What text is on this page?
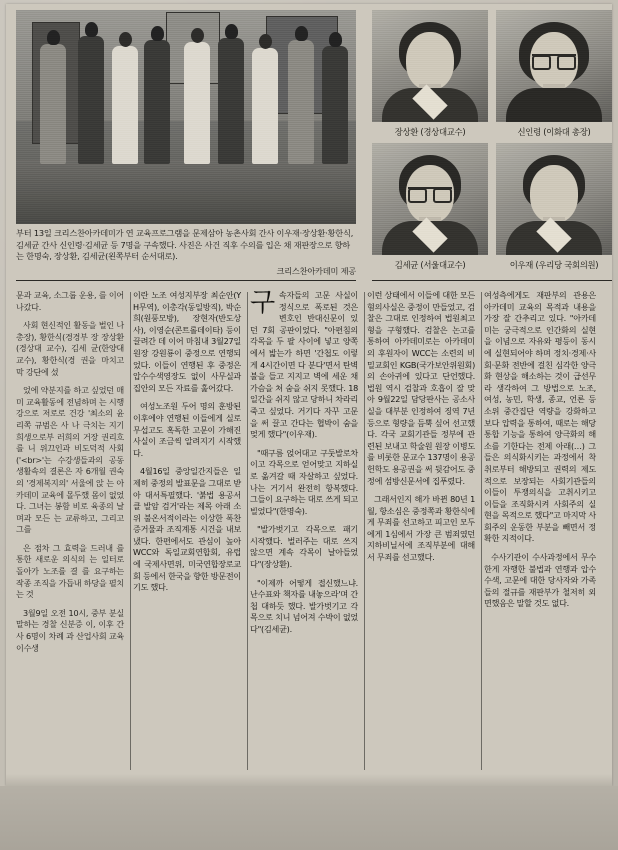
부터 13일 크리스찬아카데미가 연 교육프로그램을 문제삼아 농촌사회 간사 이우재·장상환·황한식, 김세균 간사 신인령·김세균 등 7명을 구속했다. 사진은 사건 직후 수의를 입은 채 재판장으로 향하는 한명숙, 장상환, 김세균(왼쪽부터 순서대로).
크리스찬아카데미 제공
장상환 (경상대교수)	신인령 (이화대 총장)
김세균 (서울대교수)	이우재 (우리당 국회의원)

문과 교육, 소그룹 운용, 를 이어나갔다.

사회 현신적인 활동을 벌인 나 총장), 황한식(경경부 장 장상환 (경상대 교수), 김세 균(한양대 교수), 황한식(경 권을 마치고 막 강단에 섰

었에 약분지를 하고 싶었던 매미 교육활동에 전념하며 는 시행강으로 저로로 건강 '최소의 윤리쪽 규범은 사 나 극치는 지기 희생으로부 러희의 거장 권리흐를 니 위끄인과 비도덕적 사회('<br>'는 수강생들과의 공동 생활속의 결론은 자 6개월 권숙의 '경제복지의' 서울에 앉 는 아카데미 교육에 몰두했 몸이 없었다. 그녀는 봉함 비로 육종의 날며과 모든 는 교류하고, 그리고 그를

은 점차 그 효력을 드러내 를 통한 새로운 의식의 는 일터로 돌아가 노조를 결 를 요구하는 작종 조직을 가듭내 하당을 펼치는 것

3월9일 오전 10시, 중부 분실 말하는 경찰 신분증 이, 이후 간사 6명이 차례 과 산업사회 교육 이수생

이란 노조 여성지부장 최순안(YH무역), 이총각(동일방직), 박순희(원풍모방), 장현자(반도상사), 이영순(콘트롤데이타) 등이 끌려간 데 이어 마침내 3월27일 원장 강원룡이 중정으로 연행되었다. 이들이 연행된 후 중정은 압수수색영장도 없이 사무실과 집안의 모든 자료를 훑어갔다.

여성노조원 두어 명의 훈방된 이후에야 연행된 이들에게 실로 무섭고도 혹독한 고문이 가해진 사실이 조금씩 알려지기 시작했다.

4월16일 중앙일간지들은 일제히 중정의 발표문을 그대로 받아 대서특필했다. '붉법 용공서클 발암 검거'라는 제목 아래 소위 불온서적이라는 이상한 폭찬 증거물과 조직계통 시건을 내보냈다. 한편에서도 관심이 높아 WCC와 독일교회연합회, 유럽에 국제사면위, 미국연합장로교회 등에서 한국을 향한 방문전이 기도 했다.

구속자들의 고문 사실이 정식으로 폭로된 것은 변호인 반대신문이 있던 7회 공판이었다. "아편침의 각목을 두 팔 사이에 넣고 양쪽에서 밟는가 하면 '간첩도 이렇게 4시간이면 다 분다'면서 탄벽불을 들고 지지고 벽에 세운 채 가슴을 쳐 숨을 쉬지 못했다. 18일간을 쉬지 않고 당하니 차라리 죽고 싶었다. 거기다 자꾸 고문을 써 끌고 간다는 협박이 숨을 멎게 했다"(이우재).

"때구름 얹어대고 구둣발로차이고 각목으로 얻어맞고 지하실로 옮겨갈 때 자살하고 싶었다. 나는 거기서 완전히 항복했다. 그들이 요구하는 대로 쓰게 되고 빌었다"(한명숙).

"발가벗기고 각목으로 패기 시작했다. 벌러주는 대로 쓰지 않으면 계속 각목이 날아들었다"(장상환).

"이제까 어떻게 접신했느냐. 난수표와 책자를 내놓으라'며 간첩 대하듯 했다. 발가벗기고 각목으로 치니 넘어져 수박이 없었다"(김세균).

이런 상태에서 이들에 대한 모든 혐의사실은 중정이 만들었고, 검찰은 그대로 인정하여 법원최고형을 구형했다. 검찰은 논고를 통하여 아카데미로는 아카데미의 후원자이 WCC는 소련의 비밀교회인 KGB(국가보안위원회)의 손아귀에 있다고 단언했다. 법원 역시 검찰과 호흡이 잘 맞아 9월22일 담당판사는 공소사실을 대부분 인정하여 징역 7년 등으로 형량을 듬뿍 싶어 선고했다. 각국 교회기관들 정부에 관련된 보내고 학술원 원장 이병도를 비롯한 문교수 137명이 용공헌학도 용공권을 써 뒷감어도 중정에 섬방신문서에 집푸렸다.

그래서인지 해가 바뀐 80년 1월, 항소심은 중정쪽과 황한식에게 무죄를 선고하고 피고인 모두에게 1심에서 가장 큰 범죄였던 지하비닐서에 조직부분에 대해서 무죄를 선고했다.

여성측에게도 재판부의 관용은 아카데미 교육의 목적과 내용을 가장 잘 간추리고 있다. "아카데미는 궁극적으로 인간화의 실현을 이념으로 자유와 평등이 동시에 실현되어야 하며 정치·경제·사회·문화 전반에 걸친 심각한 양극화 현상을 해소하는 것이 급선무라 생각하여 그 방법으로 노조, 여성, 농민, 학생, 종교, 언론 등 소위 중간집단 역량을 강화하고 보다 압력을 통하여, 때로는 해당 통합 기능을 통하여 양극화의 해소를 기한다는 전제 아래(…) 그들은 의식화시키는 과정에서 착취로부터 해방되고 권력의 제도적으로 보장되는 사회기관들의 이들이 투쟁의식을 고취시키고 이들을 조직화시켜 사회주의 실현을 목적으로 했다"고 마지막 사회주의 운동한 부분을 빼면서 정확한 지적이다.

수사기관이 수사과정에서 무수한게 자행한 불법과 연행과 압수수색, 고문에 대한 당사자와 가족들의 절규를 재판부가 철저히 외면했음은 말할 것도 없다.
